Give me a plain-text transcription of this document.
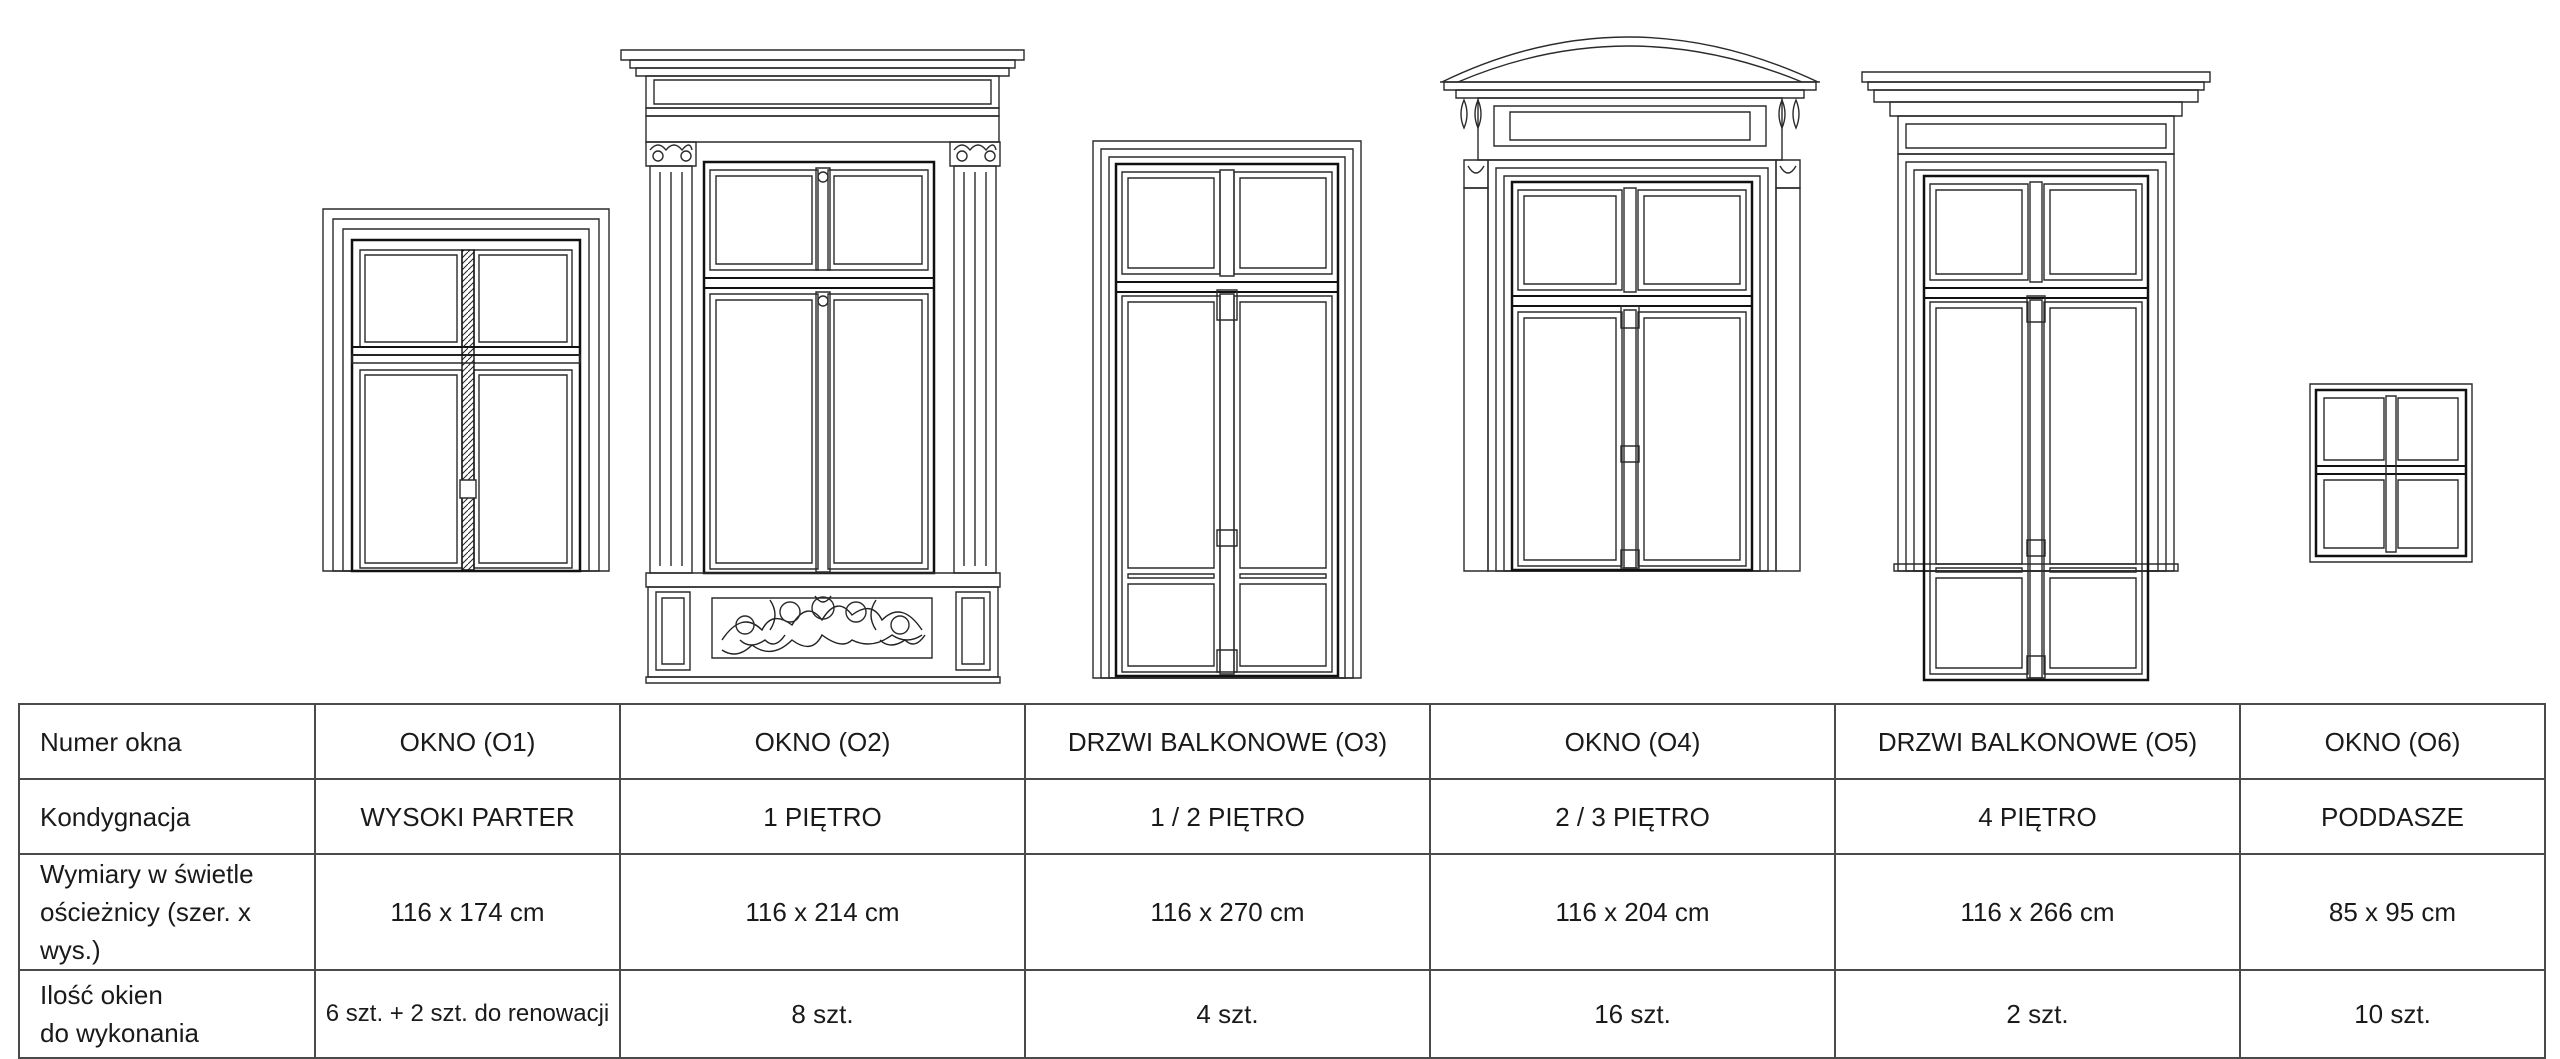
Numer okna	OKNO (O1)	OKNO (O2)	DRZWI BALKONOWE (O3)	OKNO (O4)	DRZWI BALKONOWE (O5)	OKNO (O6)
Kondygnacja	WYSOKI PARTER	1 PIĘTRO	1 / 2 PIĘTRO	2 / 3 PIĘTRO	4 PIĘTRO	PODDASZE
Wymiary w świetle
ościeżnicy (szer. x wys.)	116 x 174 cm	116 x 214 cm	116 x 270 cm	116 x 204 cm	116 x 266 cm	85 x 95 cm
Ilość okien
do wykonania	6 szt. + 2 szt. do renowacji	8 szt.	4 szt.	16 szt.	2 szt.	10 szt.
